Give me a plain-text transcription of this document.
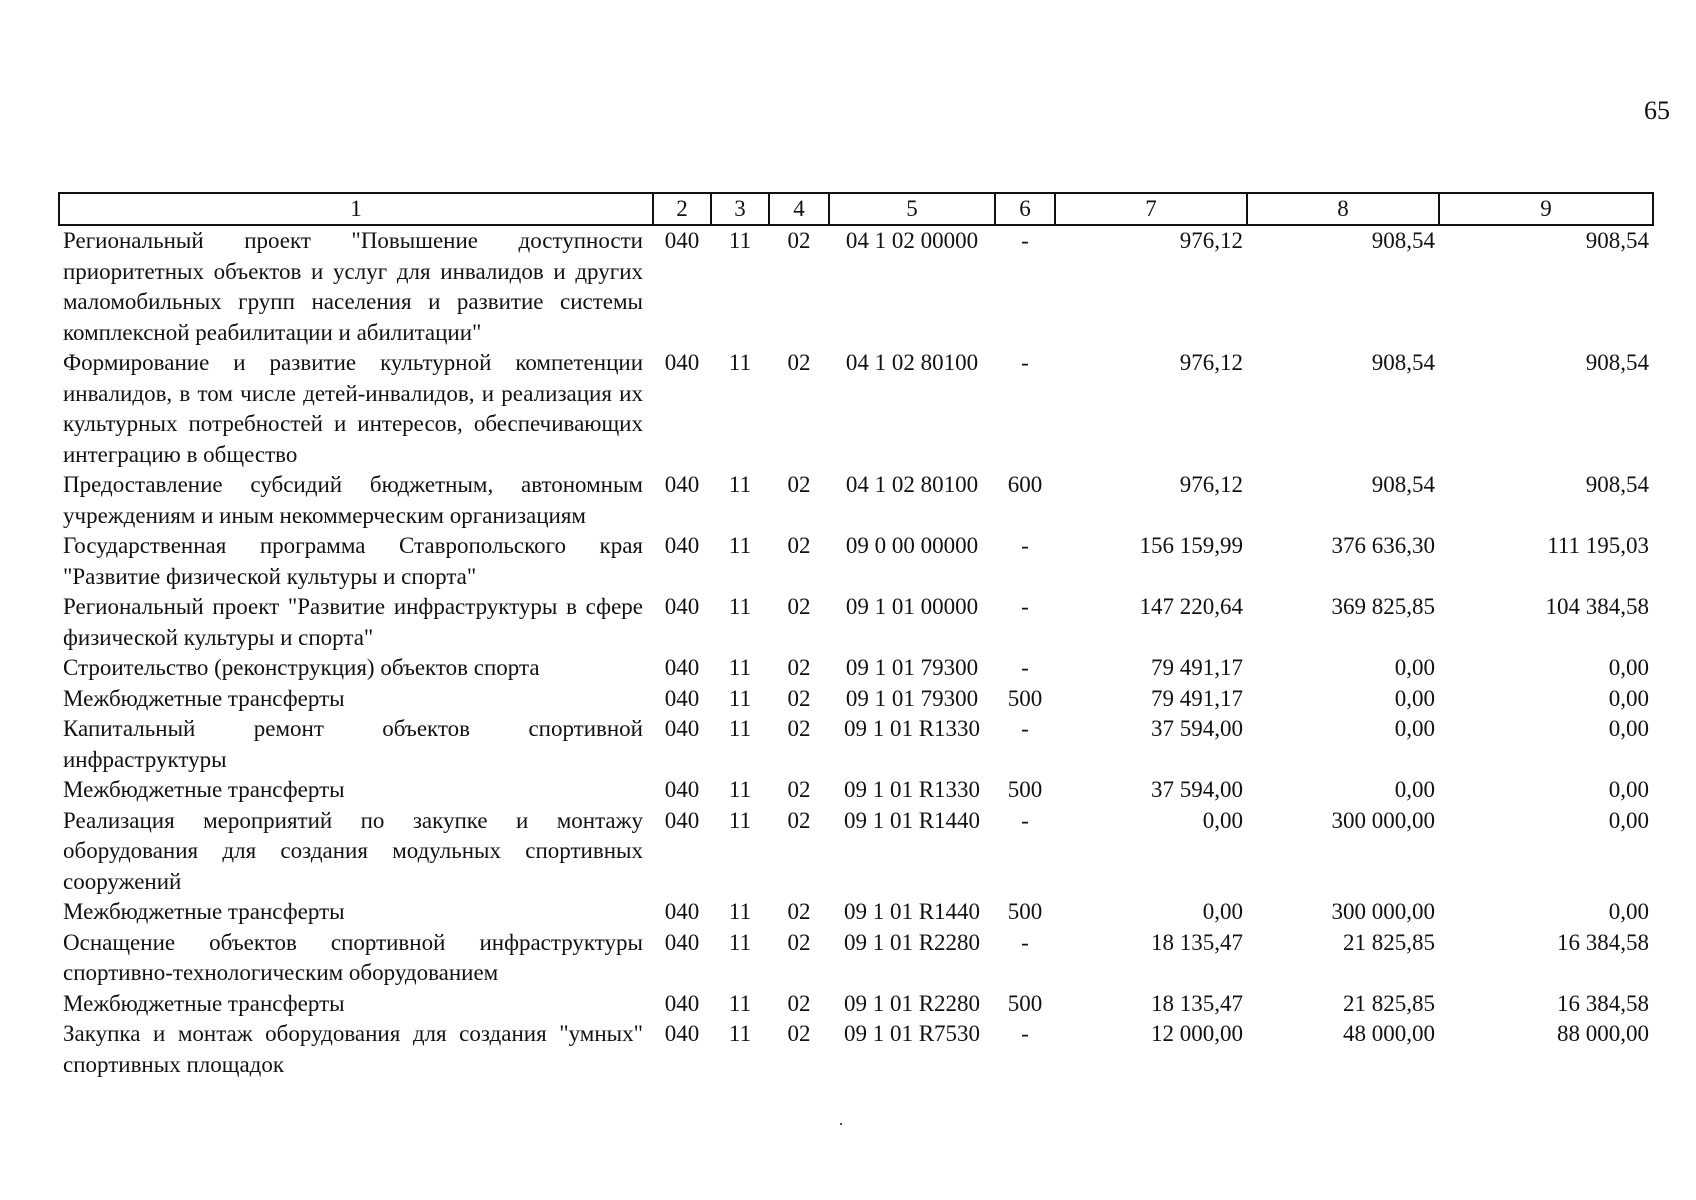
65
1	2	3	4	5	6	7	8	9
Региональный проект "Повышение доступности приоритетных объектов и услуг для инвалидов и других маломобильных групп населения и развитие системы комплексной реабилитации и абилитации"	040	11	02	04 1 02 00000	-	976,12	908,54	908,54
Формирование и развитие культурной компетенции инвалидов, в том числе детей-инвалидов, и реализация их культурных потребностей и интересов, обеспечивающих интеграцию в общество	040	11	02	04 1 02 80100	-	976,12	908,54	908,54
Предоставление субсидий бюджетным, автономным учреждениям и иным некоммерческим организациям	040	11	02	04 1 02 80100	600	976,12	908,54	908,54
Государственная программа Ставропольского края "Развитие физической культуры и спорта"	040	11	02	09 0 00 00000	-	156 159,99	376 636,30	111 195,03
Региональный проект "Развитие инфраструктуры в сфере физической культуры и спорта"	040	11	02	09 1 01 00000	-	147 220,64	369 825,85	104 384,58
Строительство (реконструкция) объектов спорта	040	11	02	09 1 01 79300	-	79 491,17	0,00	0,00
Межбюджетные трансферты	040	11	02	09 1 01 79300	500	79 491,17	0,00	0,00
Капитальный ремонт объектов спортивной инфраструктуры	040	11	02	09 1 01 R1330	-	37 594,00	0,00	0,00
Межбюджетные трансферты	040	11	02	09 1 01 R1330	500	37 594,00	0,00	0,00
Реализация мероприятий по закупке и монтажу оборудования для создания модульных спортивных сооружений	040	11	02	09 1 01 R1440	-	0,00	300 000,00	0,00
Межбюджетные трансферты	040	11	02	09 1 01 R1440	500	0,00	300 000,00	0,00
Оснащение объектов спортивной инфраструктуры спортивно-технологическим оборудованием	040	11	02	09 1 01 R2280	-	18 135,47	21 825,85	16 384,58
Межбюджетные трансферты	040	11	02	09 1 01 R2280	500	18 135,47	21 825,85	16 384,58
Закупка и монтаж оборудования для создания "умных" спортивных площадок	040	11	02	09 1 01 R7530	-	12 000,00	48 000,00	88 000,00
